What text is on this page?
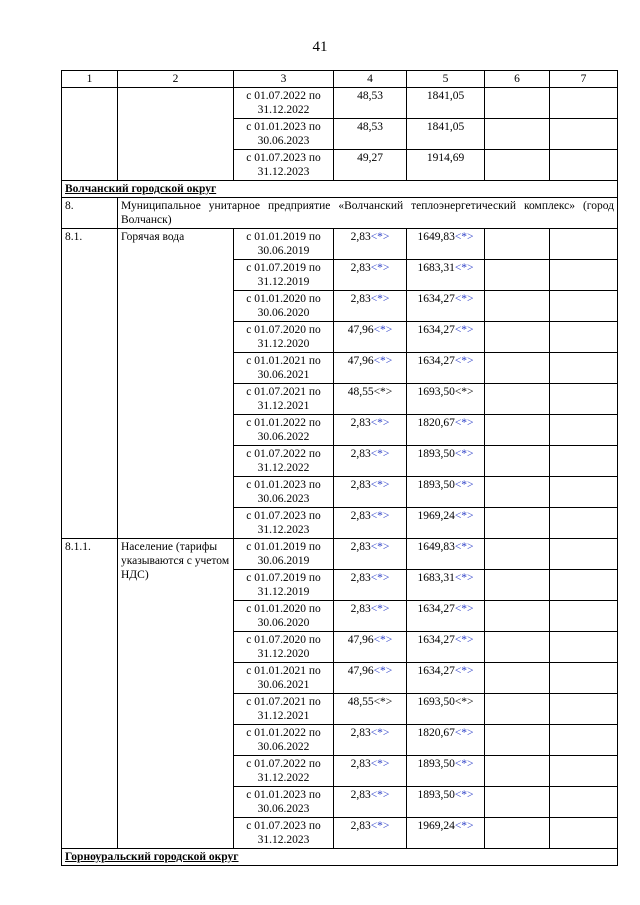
41
1	2	3	4	5	6	7

		с 01.07.2022 по
31.12.2022	48,53	1841,05		

		с 01.01.2023 по
30.06.2023	48,53	1841,05		

		с 01.07.2023 по
31.12.2023	49,27	1914,69		
Волчанский городской округ						
8.	Муниципальное унитарное предприятие «Волчанский теплоэнергетический комплекс» (город Волчанск)					
8.1.	Горячая вода	с 01.01.2019 по
30.06.2019	2,83<*>	1649,83<*>		

		с 01.07.2019 по
31.12.2019	2,83<*>	1683,31<*>		

		с 01.01.2020 по
30.06.2020	2,83<*>	1634,27<*>		

		с 01.07.2020 по
31.12.2020	47,96<*>	1634,27<*>		

		с 01.01.2021 по
30.06.2021	47,96<*>	1634,27<*>		

		с 01.07.2021 по
31.12.2021	48,55<*>	1693,50<*>		

		с 01.01.2022 по
30.06.2022	2,83<*>	1820,67<*>		

		с 01.07.2022 по
31.12.2022	2,83<*>	1893,50<*>		

		с 01.01.2023 по
30.06.2023	2,83<*>	1893,50<*>		

		с 01.07.2023 по
31.12.2023	2,83<*>	1969,24<*>		
8.1.1.	Население (тарифы указываются с учетом НДС)	с 01.01.2019 по
30.06.2019	2,83<*>	1649,83<*>		

		с 01.07.2019 по
31.12.2019	2,83<*>	1683,31<*>		

		с 01.01.2020 по
30.06.2020	2,83<*>	1634,27<*>		

		с 01.07.2020 по
31.12.2020	47,96<*>	1634,27<*>		

		с 01.01.2021 по
30.06.2021	47,96<*>	1634,27<*>		

		с 01.07.2021 по
31.12.2021	48,55<*>	1693,50<*>		

		с 01.01.2022 по
30.06.2022	2,83<*>	1820,67<*>		

		с 01.07.2022 по
31.12.2022	2,83<*>	1893,50<*>		

		с 01.01.2023 по
30.06.2023	2,83<*>	1893,50<*>		

		с 01.07.2023 по
31.12.2023	2,83<*>	1969,24<*>		
Горноуральский городской округ						
